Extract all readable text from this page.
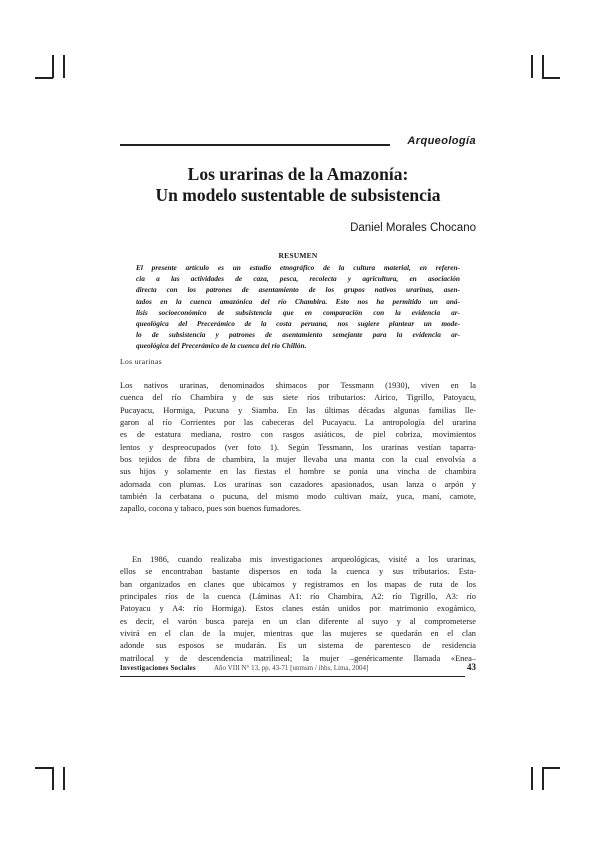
Arqueología
Los urarinas de la Amazonía:
Un modelo sustentable de subsistencia
Daniel Morales Chocano
RESUMEN
El presente artículo es un estudio etnográfico de la cultura material, en referen-
cia a las actividades de caza, pesca, recolecta y agricultura, en asociación
directa con los patrones de asentamiento de los grupos nativos urarinas, asen-
tados en la cuenca amazónica del río Chambira. Esto nos ha permitido un aná-
lisis socioeconómico de subsistencia que en comparación con la evidencia ar-
queológica del Precerámico de la costa peruana, nos sugiere plantear un mode-
lo de subsistencia y patrones de asentamiento semejante para la evidencia ar-
queológica del Precerámico de la cuenca del río Chillón.
Los urarinas
Los nativos urarinas, denominados shimacos por Tessmann (1930), viven en la
cuenca del río Chambira y de sus siete ríos tributarios: Airico, Tigrillo, Patoyacu,
Pucayacu, Hormiga, Pucuna y Siamba. En las últimas décadas algunas familias lle-
garon al río Corrientes por las cabeceras del Pucayacu. La antropología del urarina
es de estatura mediana, rostro con rasgos asiáticos, de piel cobriza, movimientos
lentos y despreocupados (ver foto 1). Según Tessmann, los urarinas vestían taparra-
bos tejidos de fibra de chambira, la mujer llevaba una manta con la cual envolvía a
sus hijos y solamente en las fiestas el hombre se ponía una vincha de chambira
adornada con plumas. Los urarinas son cazadores apasionados, usan lanza o arpón y
también la cerbatana o pucuna, del mismo modo cultivan maíz, yuca, maní, camote,
zapallo, cocona y tabaco, pues son buenos fumadores.
En 1986, cuando realizaba mis investigaciones arqueológicas, visité a los urarinas,
ellos se encontraban bastante dispersos en toda la cuenca y sus tributarios. Esta-
ban organizados en clanes que ubicamos y registramos en los mapas de ruta de los
principales ríos de la cuenca (Láminas A1: río Chambira, A2: río Tigrillo, A3: río
Patoyacu y A4: río Hormiga). Estos clanes están unidos por matrimonio exogámico,
es decir, el varón busca pareja en un clan diferente al suyo y al comprometerse
vivirá en el clan de la mujer, mientras que las mujeres se quedarán en el clan
adonde sus esposos se mudarán. Es un sistema de parentesco de residencia
matrilocal y de descendencia matrilineal; la mujer –genéricamente llamada «Enea–
Investigaciones Sociales	Año VIII N° 13, pp. 43-71 [unmsm / ihhs, Lima, 2004]	43
